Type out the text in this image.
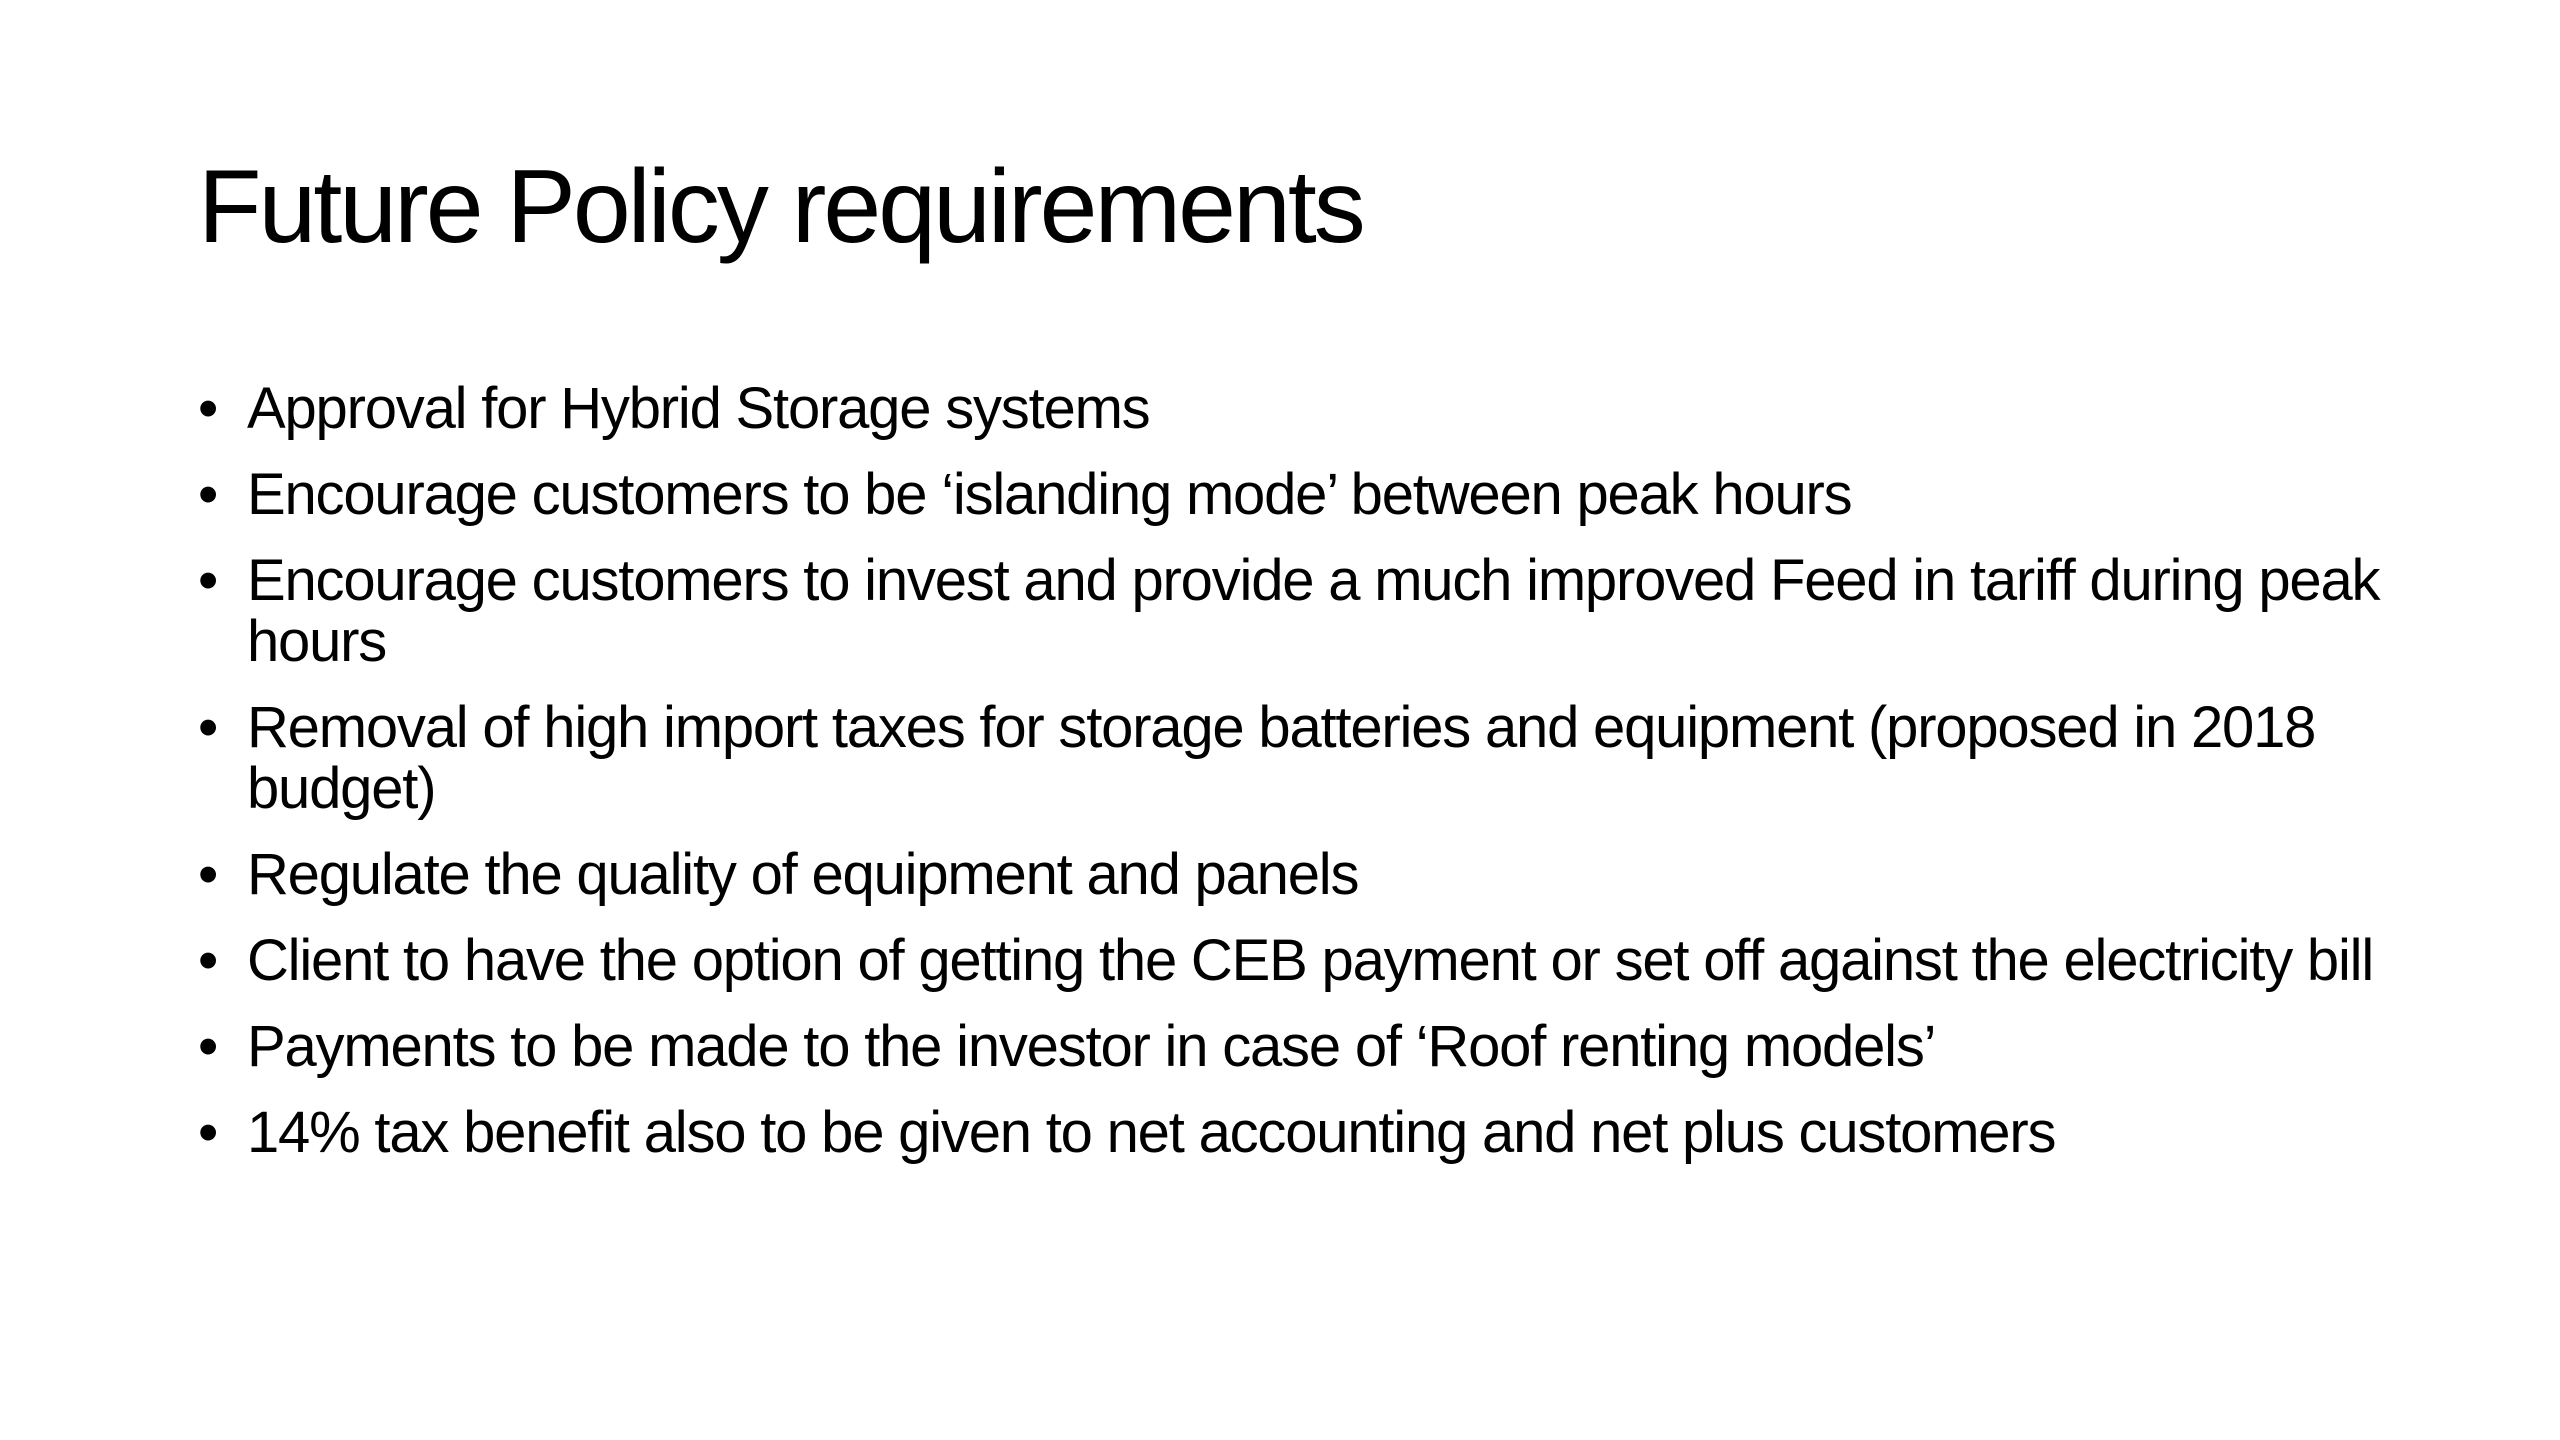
Future Policy requirements
• Approval for Hybrid Storage systems
• Encourage customers to be ‘islanding mode’ between peak hours
• Encourage customers to invest and provide a much improved Feed in tariff during peak hours
• Removal of high import taxes for storage batteries and equipment (proposed in 2018 budget)
• Regulate the quality of equipment and panels
• Client to have the option of getting the CEB payment or set off against the electricity bill
• Payments to be made to the investor in case of ‘Roof renting models’
• 14% tax benefit also to be given to net accounting and net plus customers
